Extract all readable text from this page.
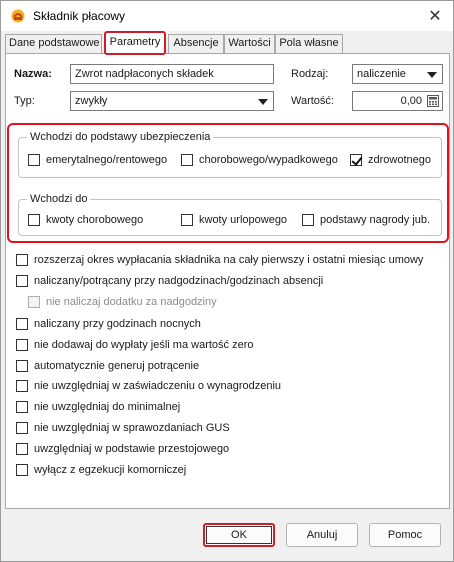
Składnik płacowy	✕
Dane podstawowe Parametry	Absencje Wartości Pola własne
Nazwa:	Zwrot nadpłaconych składek	Rodzaj:	naliczenie
Typ:	zwykły	Wartość:	0,00
Wchodzi do podstawy ubezpieczenia
emerytalnego/rentowego	chorobowego/wypadkowego	zdrowotnego
Wchodzi do
kwoty chorobowego	kwoty urlopowego	podstawy nagrody jub.
rozszerzaj okres wypłacania składnika na cały pierwszy i ostatni miesiąc umowy
naliczany/potrącany przy nadgodzinach/godzinach absencji
nie naliczaj dodatku za nadgodziny
naliczany przy godzinach nocnych
nie dodawaj do wypłaty jeśli ma wartość zero
automatycznie generuj potrącenie
nie uwzględniaj w zaświadczeniu o wynagrodzeniu
nie uwzględniaj do minimalnej
nie uwzględniaj w sprawozdaniach GUS
uwzględniaj w podstawie przestojowego
wyłącz z egzekucji komorniczej
OK	Anuluj	Pomoc
